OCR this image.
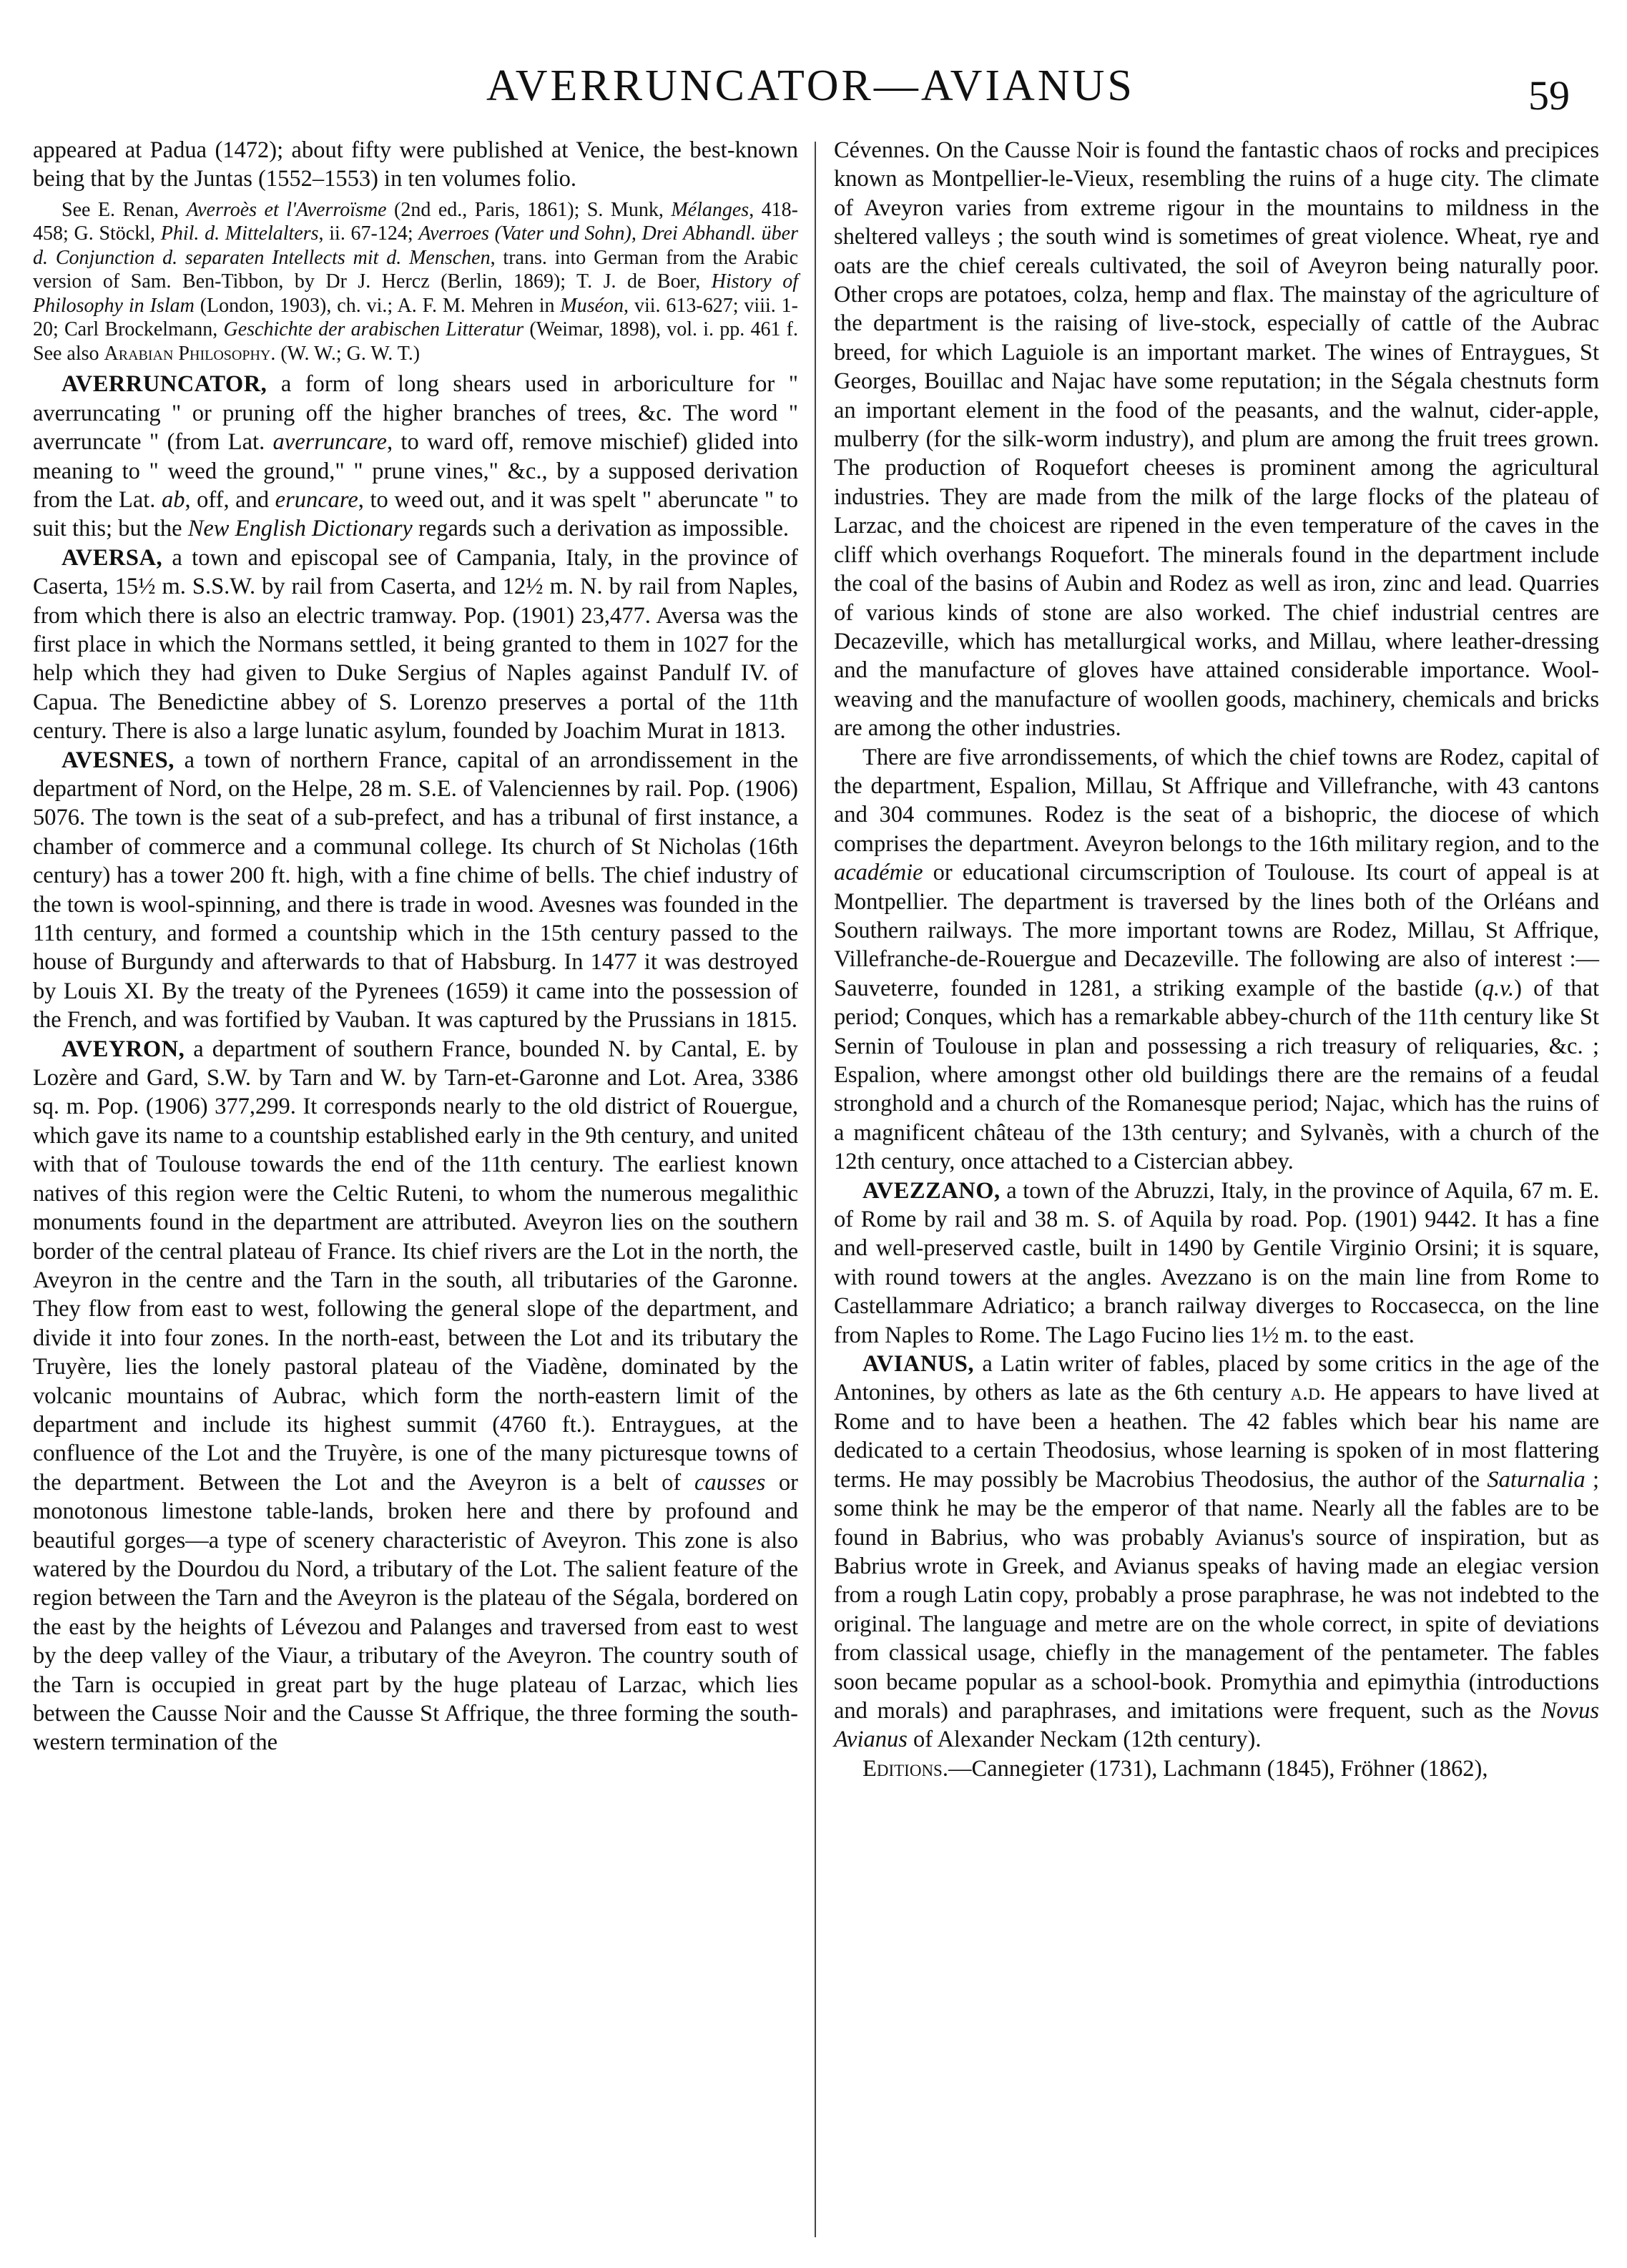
AVERRUNCATOR—AVIANUS	59

appeared at Padua (1472); about fifty were published at Venice, the best-known being that by the Juntas (1552–1553) in ten volumes folio.

See E. Renan, Averroès et l'Averroïsme (2nd ed., Paris, 1861); S. Munk, Mélanges, 418-458; G. Stöckl, Phil. d. Mittelalters, ii. 67-124; Averroes (Vater und Sohn), Drei Abhandl. über d. Conjunction d. separaten Intellects mit d. Menschen, trans. into German from the Arabic version of Sam. Ben-Tibbon, by Dr J. Hercz (Berlin, 1869); T. J. de Boer, History of Philosophy in Islam (London, 1903), ch. vi.; A. F. M. Mehren in Muséon, vii. 613-627; viii. 1-20; Carl Brockelmann, Geschichte der arabischen Litteratur (Weimar, 1898), vol. i. pp. 461 f. See also Arabian Philosophy. (W. W.; G. W. T.)

AVERRUNCATOR, a form of long shears used in arboriculture for " averruncating " or pruning off the higher branches of trees, &c. The word " averruncate " (from Lat. averruncare, to ward off, remove mischief) glided into meaning to " weed the ground," " prune vines," &c., by a supposed derivation from the Lat. ab, off, and eruncare, to weed out, and it was spelt " aberuncate " to suit this; but the New English Dictionary regards such a derivation as impossible.

AVERSA, a town and episcopal see of Campania, Italy, in the province of Caserta, 15½ m. S.S.W. by rail from Caserta, and 12½ m. N. by rail from Naples, from which there is also an electric tramway. Pop. (1901) 23,477. Aversa was the first place in which the Normans settled, it being granted to them in 1027 for the help which they had given to Duke Sergius of Naples against Pandulf IV. of Capua. The Benedictine abbey of S. Lorenzo preserves a portal of the 11th century. There is also a large lunatic asylum, founded by Joachim Murat in 1813.

AVESNES, a town of northern France, capital of an arrondissement in the department of Nord, on the Helpe, 28 m. S.E. of Valenciennes by rail. Pop. (1906) 5076. The town is the seat of a sub-prefect, and has a tribunal of first instance, a chamber of commerce and a communal college. Its church of St Nicholas (16th century) has a tower 200 ft. high, with a fine chime of bells. The chief industry of the town is wool-spinning, and there is trade in wood. Avesnes was founded in the 11th century, and formed a countship which in the 15th century passed to the house of Burgundy and afterwards to that of Habsburg. In 1477 it was destroyed by Louis XI. By the treaty of the Pyrenees (1659) it came into the possession of the French, and was fortified by Vauban. It was captured by the Prussians in 1815.

AVEYRON, a department of southern France, bounded N. by Cantal, E. by Lozère and Gard, S.W. by Tarn and W. by Tarn-et-Garonne and Lot. Area, 3386 sq. m. Pop. (1906) 377,299. It corresponds nearly to the old district of Rouergue, which gave its name to a countship established early in the 9th century, and united with that of Toulouse towards the end of the 11th century. The earliest known natives of this region were the Celtic Ruteni, to whom the numerous megalithic monuments found in the department are attributed. Aveyron lies on the southern border of the central plateau of France. Its chief rivers are the Lot in the north, the Aveyron in the centre and the Tarn in the south, all tributaries of the Garonne. They flow from east to west, following the general slope of the department, and divide it into four zones. In the north-east, between the Lot and its tributary the Truyère, lies the lonely pastoral plateau of the Viadène, dominated by the volcanic mountains of Aubrac, which form the north-eastern limit of the department and include its highest summit (4760 ft.). Entraygues, at the confluence of the Lot and the Truyère, is one of the many picturesque towns of the department. Between the Lot and the Aveyron is a belt of causses or monotonous limestone table-lands, broken here and there by profound and beautiful gorges—a type of scenery characteristic of Aveyron. This zone is also watered by the Dourdou du Nord, a tributary of the Lot. The salient feature of the region between the Tarn and the Aveyron is the plateau of the Ségala, bordered on the east by the heights of Lévezou and Palanges and traversed from east to west by the deep valley of the Viaur, a tributary of the Aveyron. The country south of the Tarn is occupied in great part by the huge plateau of Larzac, which lies between the Causse Noir and the Causse St Affrique, the three forming the south-western termination of the

Cévennes. On the Causse Noir is found the fantastic chaos of rocks and precipices known as Montpellier-le-Vieux, resembling the ruins of a huge city. The climate of Aveyron varies from extreme rigour in the mountains to mildness in the sheltered valleys ; the south wind is sometimes of great violence. Wheat, rye and oats are the chief cereals cultivated, the soil of Aveyron being naturally poor. Other crops are potatoes, colza, hemp and flax. The mainstay of the agriculture of the department is the raising of live-stock, especially of cattle of the Aubrac breed, for which Laguiole is an important market. The wines of Entraygues, St Georges, Bouillac and Najac have some reputation; in the Ségala chestnuts form an important element in the food of the peasants, and the walnut, cider-apple, mulberry (for the silk-worm industry), and plum are among the fruit trees grown. The production of Roquefort cheeses is prominent among the agricultural industries. They are made from the milk of the large flocks of the plateau of Larzac, and the choicest are ripened in the even temperature of the caves in the cliff which overhangs Roquefort. The minerals found in the department include the coal of the basins of Aubin and Rodez as well as iron, zinc and lead. Quarries of various kinds of stone are also worked. The chief industrial centres are Decazeville, which has metallurgical works, and Millau, where leather-dressing and the manufacture of gloves have attained considerable importance. Wool-weaving and the manufacture of woollen goods, machinery, chemicals and bricks are among the other industries.

There are five arrondissements, of which the chief towns are Rodez, capital of the department, Espalion, Millau, St Affrique and Villefranche, with 43 cantons and 304 communes. Rodez is the seat of a bishopric, the diocese of which comprises the department. Aveyron belongs to the 16th military region, and to the académie or educational circumscription of Toulouse. Its court of appeal is at Montpellier. The department is traversed by the lines both of the Orléans and Southern railways. The more important towns are Rodez, Millau, St Affrique, Villefranche-de-Rouergue and Decazeville. The following are also of interest :—Sauveterre, founded in 1281, a striking example of the bastide (q.v.) of that period; Conques, which has a remarkable abbey-church of the 11th century like St Sernin of Toulouse in plan and possessing a rich treasury of reliquaries, &c. ; Espalion, where amongst other old buildings there are the remains of a feudal stronghold and a church of the Romanesque period; Najac, which has the ruins of a magnificent château of the 13th century; and Sylvanès, with a church of the 12th century, once attached to a Cistercian abbey.

AVEZZANO, a town of the Abruzzi, Italy, in the province of Aquila, 67 m. E. of Rome by rail and 38 m. S. of Aquila by road. Pop. (1901) 9442. It has a fine and well-preserved castle, built in 1490 by Gentile Virginio Orsini; it is square, with round towers at the angles. Avezzano is on the main line from Rome to Castellammare Adriatico; a branch railway diverges to Roccasecca, on the line from Naples to Rome. The Lago Fucino lies 1½ m. to the east.

AVIANUS, a Latin writer of fables, placed by some critics in the age of the Antonines, by others as late as the 6th century a.d. He appears to have lived at Rome and to have been a heathen. The 42 fables which bear his name are dedicated to a certain Theodosius, whose learning is spoken of in most flattering terms. He may possibly be Macrobius Theodosius, the author of the Saturnalia ; some think he may be the emperor of that name. Nearly all the fables are to be found in Babrius, who was probably Avianus's source of inspiration, but as Babrius wrote in Greek, and Avianus speaks of having made an elegiac version from a rough Latin copy, probably a prose paraphrase, he was not indebted to the original. The language and metre are on the whole correct, in spite of deviations from classical usage, chiefly in the management of the pentameter. The fables soon became popular as a school-book. Promythia and epimythia (introductions and morals) and paraphrases, and imitations were frequent, such as the Novus Avianus of Alexander Neckam (12th century).

Editions.—Cannegieter (1731), Lachmann (1845), Fröhner (1862),
